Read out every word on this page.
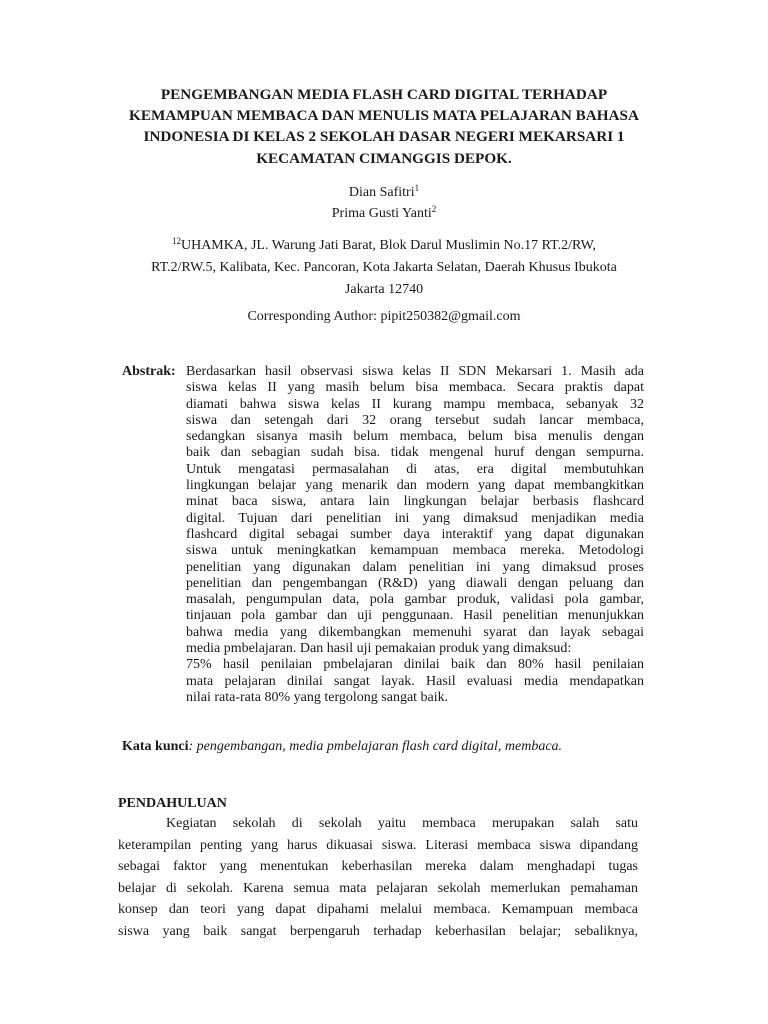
PENGEMBANGAN MEDIA FLASH CARD DIGITAL TERHADAP
KEMAMPUAN MEMBACA DAN MENULIS MATA PELAJARAN BAHASA
INDONESIA DI KELAS 2 SEKOLAH DASAR NEGERI MEKARSARI 1
KECAMATAN CIMANGGIS DEPOK.
Dian Safitri$^1$
Prima Gusti Yanti$^2$
$^{12}$UHAMKA, JL. Warung Jati Barat, Blok Darul Muslimin No.17 RT.2/RW,
RT.2/RW.5, Kalibata, Kec. Pancoran, Kota Jakarta Selatan, Daerah Khusus Ibukota
Jakarta 12740
Corresponding Author: pipit250382@gmail.com
Abstrak: Berdasarkan hasil observasi siswa kelas II SDN Mekarsari 1. Masih ada
siswa kelas II yang masih belum bisa membaca. Secara praktis dapat
diamati bahwa siswa kelas II kurang mampu membaca, sebanyak 32
siswa dan setengah dari 32 orang tersebut sudah lancar membaca,
sedangkan sisanya masih belum membaca, belum bisa menulis dengan
baik dan sebagian sudah bisa. tidak mengenal huruf dengan sempurna.
Untuk mengatasi permasalahan di atas, era digital membutuhkan
lingkungan belajar yang menarik dan modern yang dapat membangkitkan
minat baca siswa, antara lain lingkungan belajar berbasis flashcard
digital. Tujuan dari penelitian ini yang dimaksud menjadikan media
flashcard digital sebagai sumber daya interaktif yang dapat digunakan
siswa untuk meningkatkan kemampuan membaca mereka. Metodologi
penelitian yang digunakan dalam penelitian ini yang dimaksud proses
penelitian dan pengembangan (R&D) yang diawali dengan peluang dan
masalah, pengumpulan data, pola gambar produk, validasi pola gambar,
tinjauan pola gambar dan uji penggunaan. Hasil penelitian menunjukkan
bahwa media yang dikembangkan memenuhi syarat dan layak sebagai
media pmbelajaran. Dan hasil uji pemakaian produk yang dimaksud:
75% hasil penilaian pmbelajaran dinilai baik dan 80% hasil penilaian
mata pelajaran dinilai sangat layak. Hasil evaluasi media mendapatkan
nilai rata-rata 80% yang tergolong sangat baik.
Kata kunci: pengembangan, media pmbelajaran flash card digital, membaca.
PENDAHULUAN
Kegiatan sekolah di sekolah yaitu membaca merupakan salah satu
keterampilan penting yang harus dikuasai siswa. Literasi membaca siswa dipandang
sebagai faktor yang menentukan keberhasilan mereka dalam menghadapi tugas
belajar di sekolah. Karena semua mata pelajaran sekolah memerlukan pemahaman
konsep dan teori yang dapat dipahami melalui membaca. Kemampuan membaca
siswa yang baik sangat berpengaruh terhadap keberhasilan belajar; sebaliknya,
